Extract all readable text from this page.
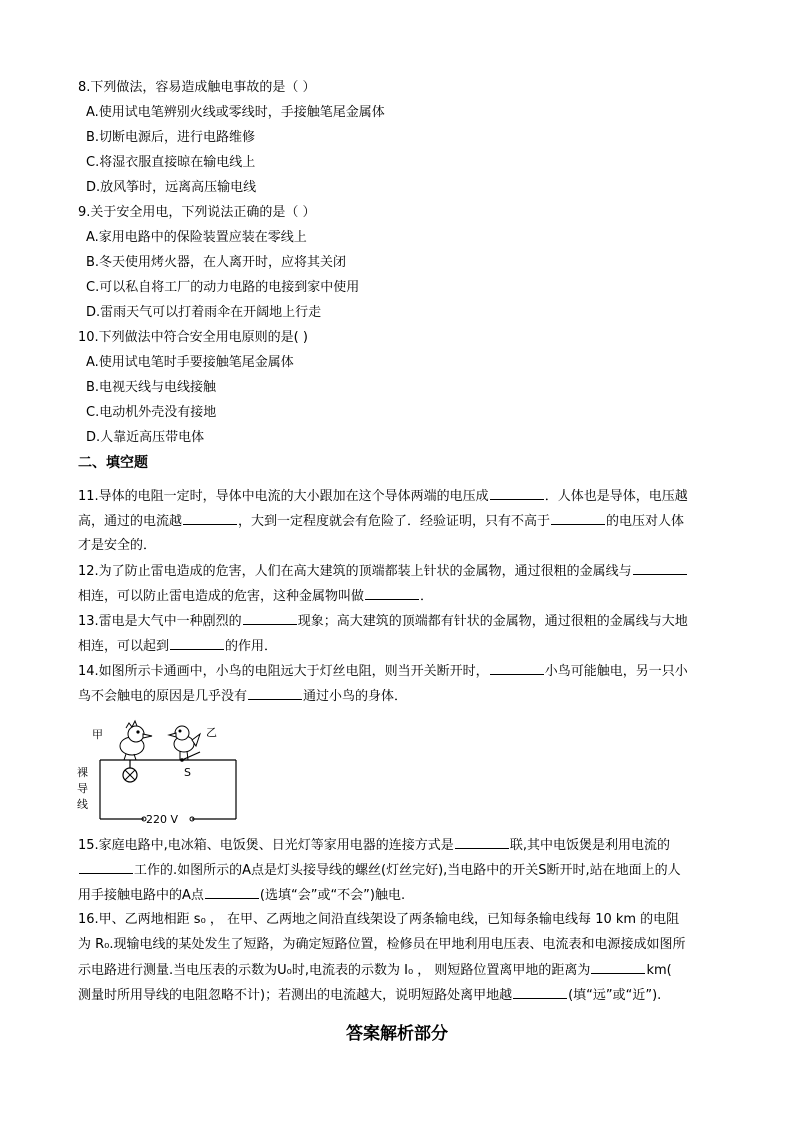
8.下列做法，容易造成触电事故的是（ ）
A.使用试电笔辨别火线或零线时，手接触笔尾金属体
B.切断电源后，进行电路维修
C.将湿衣服直接晾在输电线上
D.放风筝时，远离高压输电线
9.关于安全用电，下列说法正确的是（ ）
A.家用电路中的保险装置应装在零线上
B.冬天使用烤火器，在人离开时，应将其关闭
C.可以私自将工厂的动力电路的电接到家中使用
D.雷雨天气可以打着雨伞在开阔地上行走
10.下列做法中符合安全用电原则的是( )
A.使用试电笔时手要接触笔尾金属体
B.电视天线与电线接触
C.电动机外壳没有接地
D.人靠近高压带电体
二、填空题
11.导体的电阻一定时，导体中电流的大小跟加在这个导体两端的电压成	．人体也是导体，电压越
高，通过的电流越	，大到一定程度就会有危险了．经验证明，只有不高于	的电压对人体
才是安全的．
12.为了防止雷电造成的危害，人们在高大建筑的顶端都装上针状的金属物，通过很粗的金属线与
相连，可以防止雷电造成的危害，这种金属物叫做	．
13.雷电是大气中一种剧烈的	现象；高大建筑的顶端都有针状的金属物，通过很粗的金属线与大地
相连，可以起到	的作用．
14.如图所示卡通画中，小鸟的电阻远大于灯丝电阻，则当开关断开时，	小鸟可能触电，另一只小
鸟不会触电的原因是几乎没有	通过小鸟的身体．
220 V
S
甲	乙
裸
导
线
15.家庭电路中,电冰箱、电饭煲、日光灯等家用电器的连接方式是	联,其中电饭煲是利用电流的
工作的.如图所示的A点是灯头接导线的螺丝(灯丝完好),当电路中的开关S断开时,站在地面上的人
用手接触电路中的A点	(选填“会”或“不会”)触电.
16.甲、乙两地相距 s₀ ， 在甲、乙两地之间沿直线架设了两条输电线，已知每条输电线每 10 km 的电阻
为 R₀.现输电线的某处发生了短路，为确定短路位置，检修员在甲地利用电压表、电流表和电源接成如图所
示电路进行测量.当电压表的示数为U₀时,电流表的示数为 I₀ ， 则短路位置离甲地的距离为	km(
测量时所用导线的电阻忽略不计)；若测出的电流越大，说明短路处离甲地越	(填“远”或“近”).
答案解析部分
